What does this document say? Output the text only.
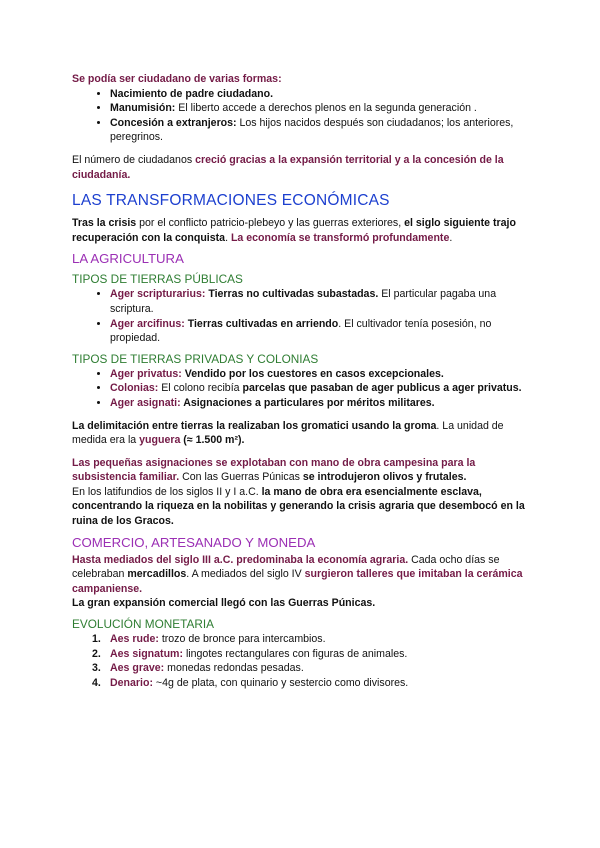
Se podía ser ciudadano de varias formas:

• Nacimiento de padre ciudadano.
• Manumisión: El liberto accede a derechos plenos en la segunda generación .
• Concesión a extranjeros: Los hijos nacidos después son ciudadanos; los anteriores, peregrinos.

El número de ciudadanos creció gracias a la expansión territorial y a la concesión de la ciudadanía.

LAS TRANSFORMACIONES ECONÓMICAS

Tras la crisis por el conflicto patricio-plebeyo y las guerras exteriores, el siglo siguiente trajo recuperación con la conquista. La economía se transformó profundamente.

LA AGRICULTURA
TIPOS DE TIERRAS PÚBLICAS
• Ager scripturarius: Tierras no cultivadas subastadas. El particular pagaba una scriptura.
• Ager arcifinus: Tierras cultivadas en arriendo. El cultivador tenía posesión, no propiedad.
TIPOS DE TIERRAS PRIVADAS Y COLONIAS
• Ager privatus: Vendido por los cuestores en casos excepcionales.
• Colonias: El colono recibía parcelas que pasaban de ager publicus a ager privatus.
• Ager asignati: Asignaciones a particulares por méritos militares.

La delimitación entre tierras la realizaban los gromatici usando la groma. La unidad de medida era la yuguera (≈ 1.500 m²).

Las pequeñas asignaciones se explotaban con mano de obra campesina para la subsistencia familiar. Con las Guerras Púnicas se introdujeron olivos y frutales.

En los latifundios de los siglos II y I a.C. la mano de obra era esencialmente esclava, concentrando la riqueza en la nobilitas y generando la crisis agraria que desembocó en la ruina de los Gracos.

COMERCIO, ARTESANADO Y MONEDA

Hasta mediados del siglo III a.C. predominaba la economía agraria. Cada ocho días se celebraban mercadillos. A mediados del siglo IV surgieron talleres que imitaban la cerámica campaniense.

La gran expansión comercial llegó con las Guerras Púnicas.

EVOLUCIÓN MONETARIA
1. Aes rude: trozo de bronce para intercambios.
2. Aes signatum: lingotes rectangulares con figuras de animales.
3. Aes grave: monedas redondas pesadas.
4. Denario: ~4g de plata, con quinario y sestercio como divisores.
